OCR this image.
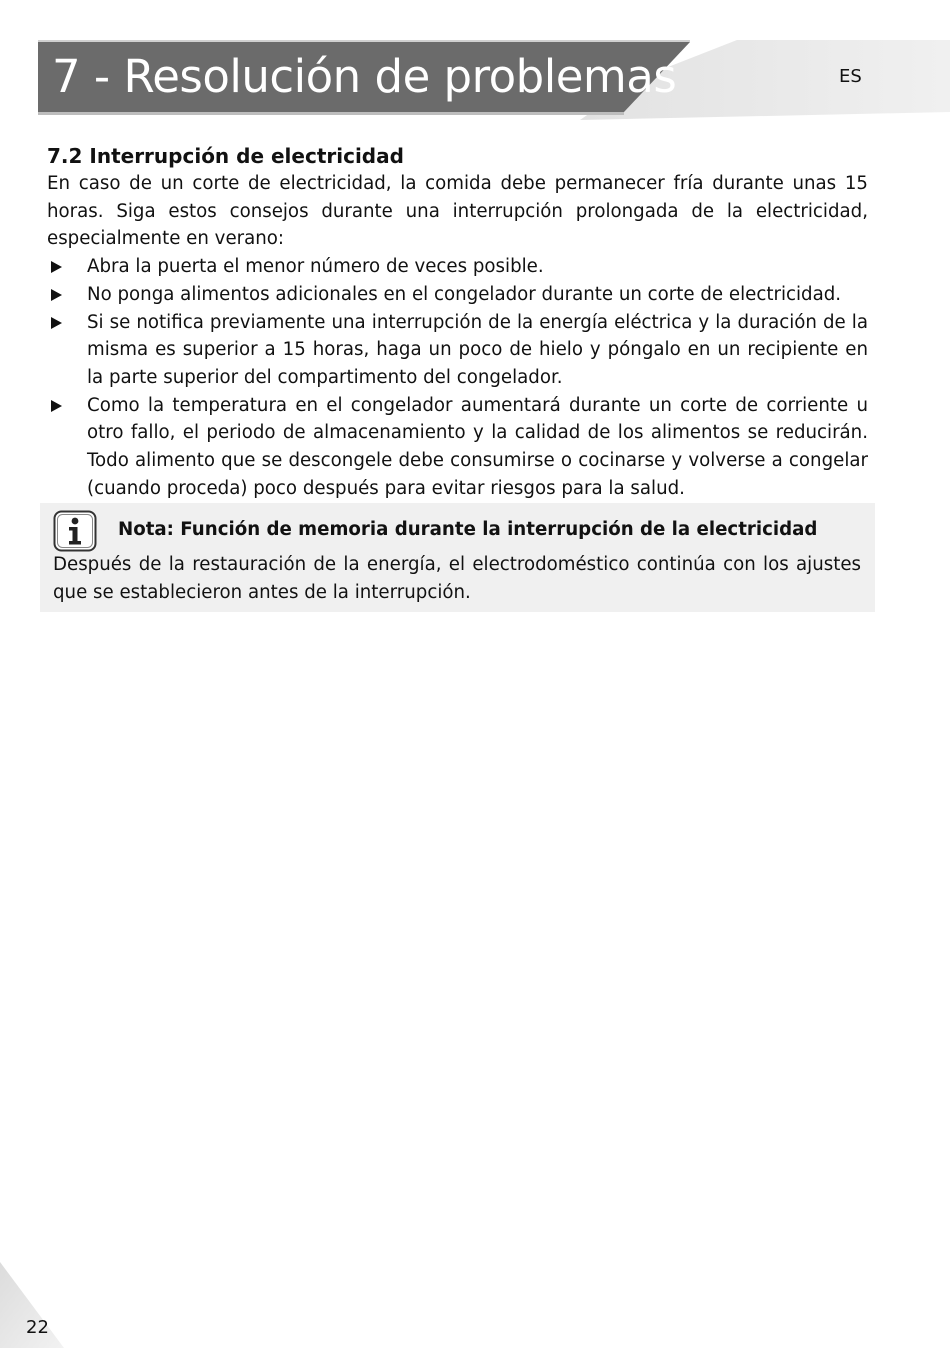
7 - Resolución de problemas	ES
7.2 Interrupción de electricidad

En caso de un corte de electricidad, la comida debe permanecer fría durante unas 15 horas. Siga estos consejos durante una interrupción prolongada de la electricidad, especialmente en verano:

Abra la puerta el menor número de veces posible.
No ponga alimentos adicionales en el congelador durante un corte de electricidad.
Si se notifica previamente una interrupción de la energía eléctrica y la duración de la misma es superior a 15 horas, haga un poco de hielo y póngalo en un recipiente en la parte superior del compartimento del congelador.
Como la temperatura en el congelador aumentará durante un corte de corriente u otro fallo, el periodo de almacenamiento y la calidad de los alimentos se reducirán. Todo alimento que se descongele debe consumirse o cocinarse y volverse a congelar (cuando proceda) poco después para evitar riesgos para la salud.

Nota: Función de memoria durante la interrupción de la electricidad

Después de la restauración de la energía, el electrodoméstico continúa con los ajustes que se establecieron antes de la interrupción.

22
